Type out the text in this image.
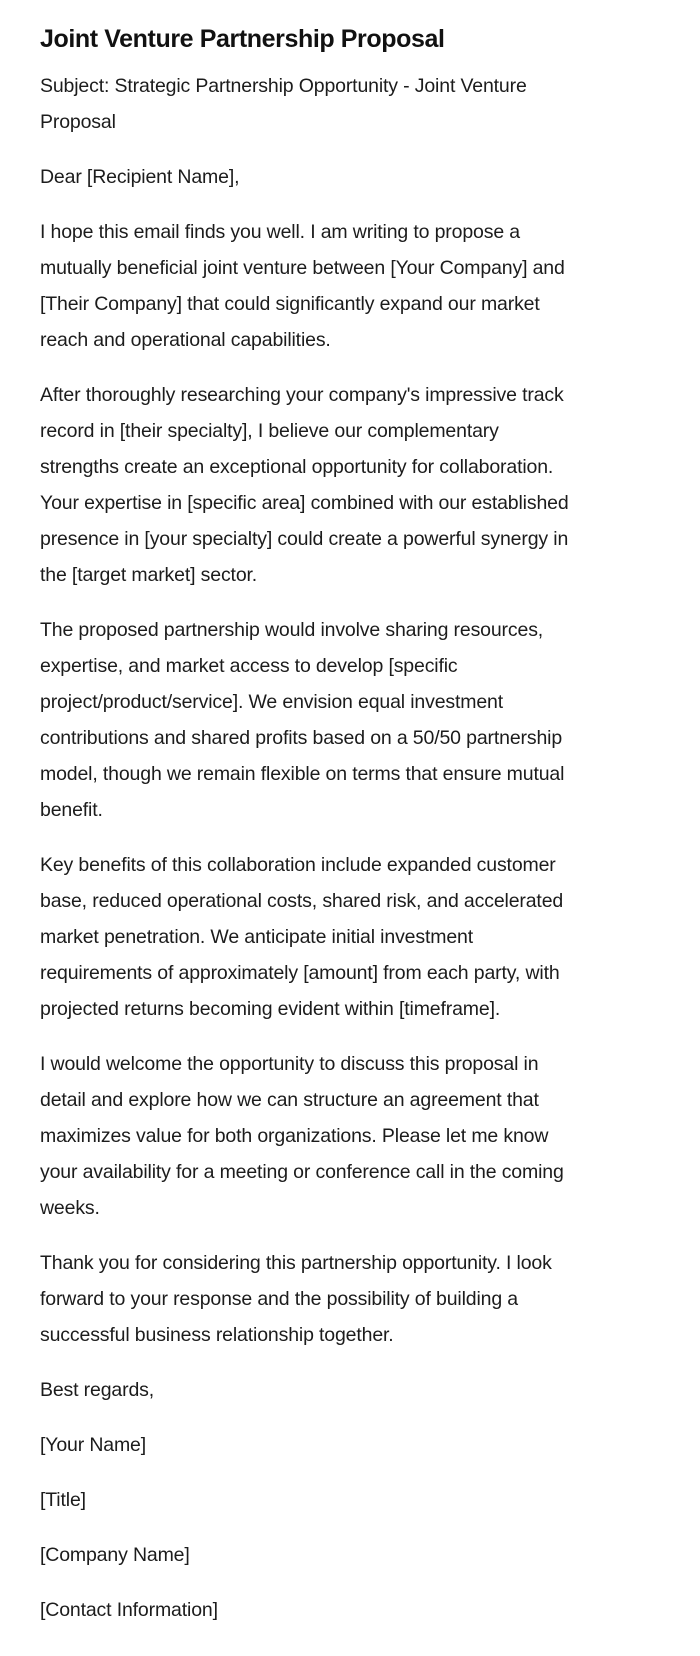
Joint Venture Partnership Proposal

Subject: Strategic Partnership Opportunity - Joint Venture
Proposal

Dear [Recipient Name],

I hope this email finds you well. I am writing to propose a
mutually beneficial joint venture between [Your Company] and
[Their Company] that could significantly expand our market
reach and operational capabilities.

After thoroughly researching your company's impressive track
record in [their specialty], I believe our complementary
strengths create an exceptional opportunity for collaboration.
Your expertise in [specific area] combined with our established
presence in [your specialty] could create a powerful synergy in
the [target market] sector.

The proposed partnership would involve sharing resources,
expertise, and market access to develop [specific
project/product/service]. We envision equal investment
contributions and shared profits based on a 50/50 partnership
model, though we remain flexible on terms that ensure mutual
benefit.

Key benefits of this collaboration include expanded customer
base, reduced operational costs, shared risk, and accelerated
market penetration. We anticipate initial investment
requirements of approximately [amount] from each party, with
projected returns becoming evident within [timeframe].

I would welcome the opportunity to discuss this proposal in
detail and explore how we can structure an agreement that
maximizes value for both organizations. Please let me know
your availability for a meeting or conference call in the coming
weeks.

Thank you for considering this partnership opportunity. I look
forward to your response and the possibility of building a
successful business relationship together.

Best regards,

[Your Name]

[Title]

[Company Name]

[Contact Information]
